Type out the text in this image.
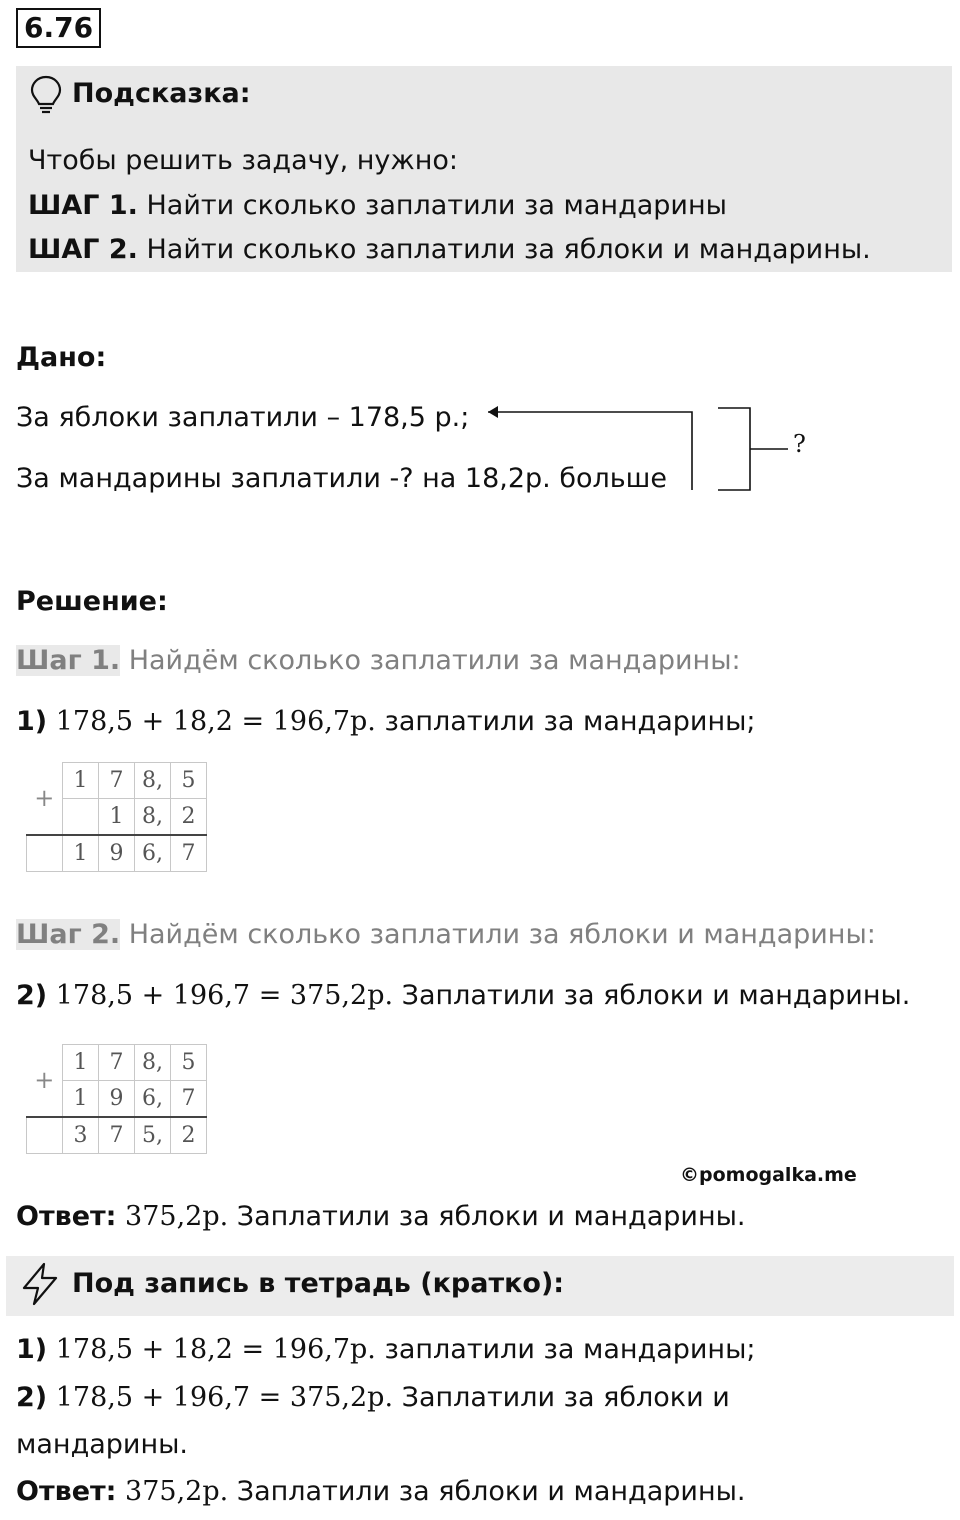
6.76
Подсказка:
Чтобы решить задачу, нужно:
ШАГ 1. Найти сколько заплатили за мандарины
ШАГ 2. Найти сколько заплатили за яблоки и мандарины.
Дано:
За яблоки заплатили – 178,5 р.;
За мандарины заплатили -? на 18,2р. больше
?
Решение:
Шаг 1. Найдём сколько заплатили за мандарины:
1) 178,5 + 18,2 = 196,7р. заплатили за мандарины;
+	1	7	8,	5
		1	8,	2
	1	9	6,	7
Шаг 2. Найдём сколько заплатили за яблоки и мандарины:
2) 178,5 + 196,7 = 375,2р. Заплатили за яблоки и мандарины.
+	1	7	8,	5
	1	9	6,	7
	3	7	5,	2
©pomogalka.me
Ответ: 375,2р. Заплатили за яблоки и мандарины.
Под запись в тетрадь (кратко):
1) 178,5 + 18,2 = 196,7р. заплатили за мандарины;
2) 178,5 + 196,7 = 375,2р. Заплатили за яблоки и
мандарины.
Ответ: 375,2р. Заплатили за яблоки и мандарины.
